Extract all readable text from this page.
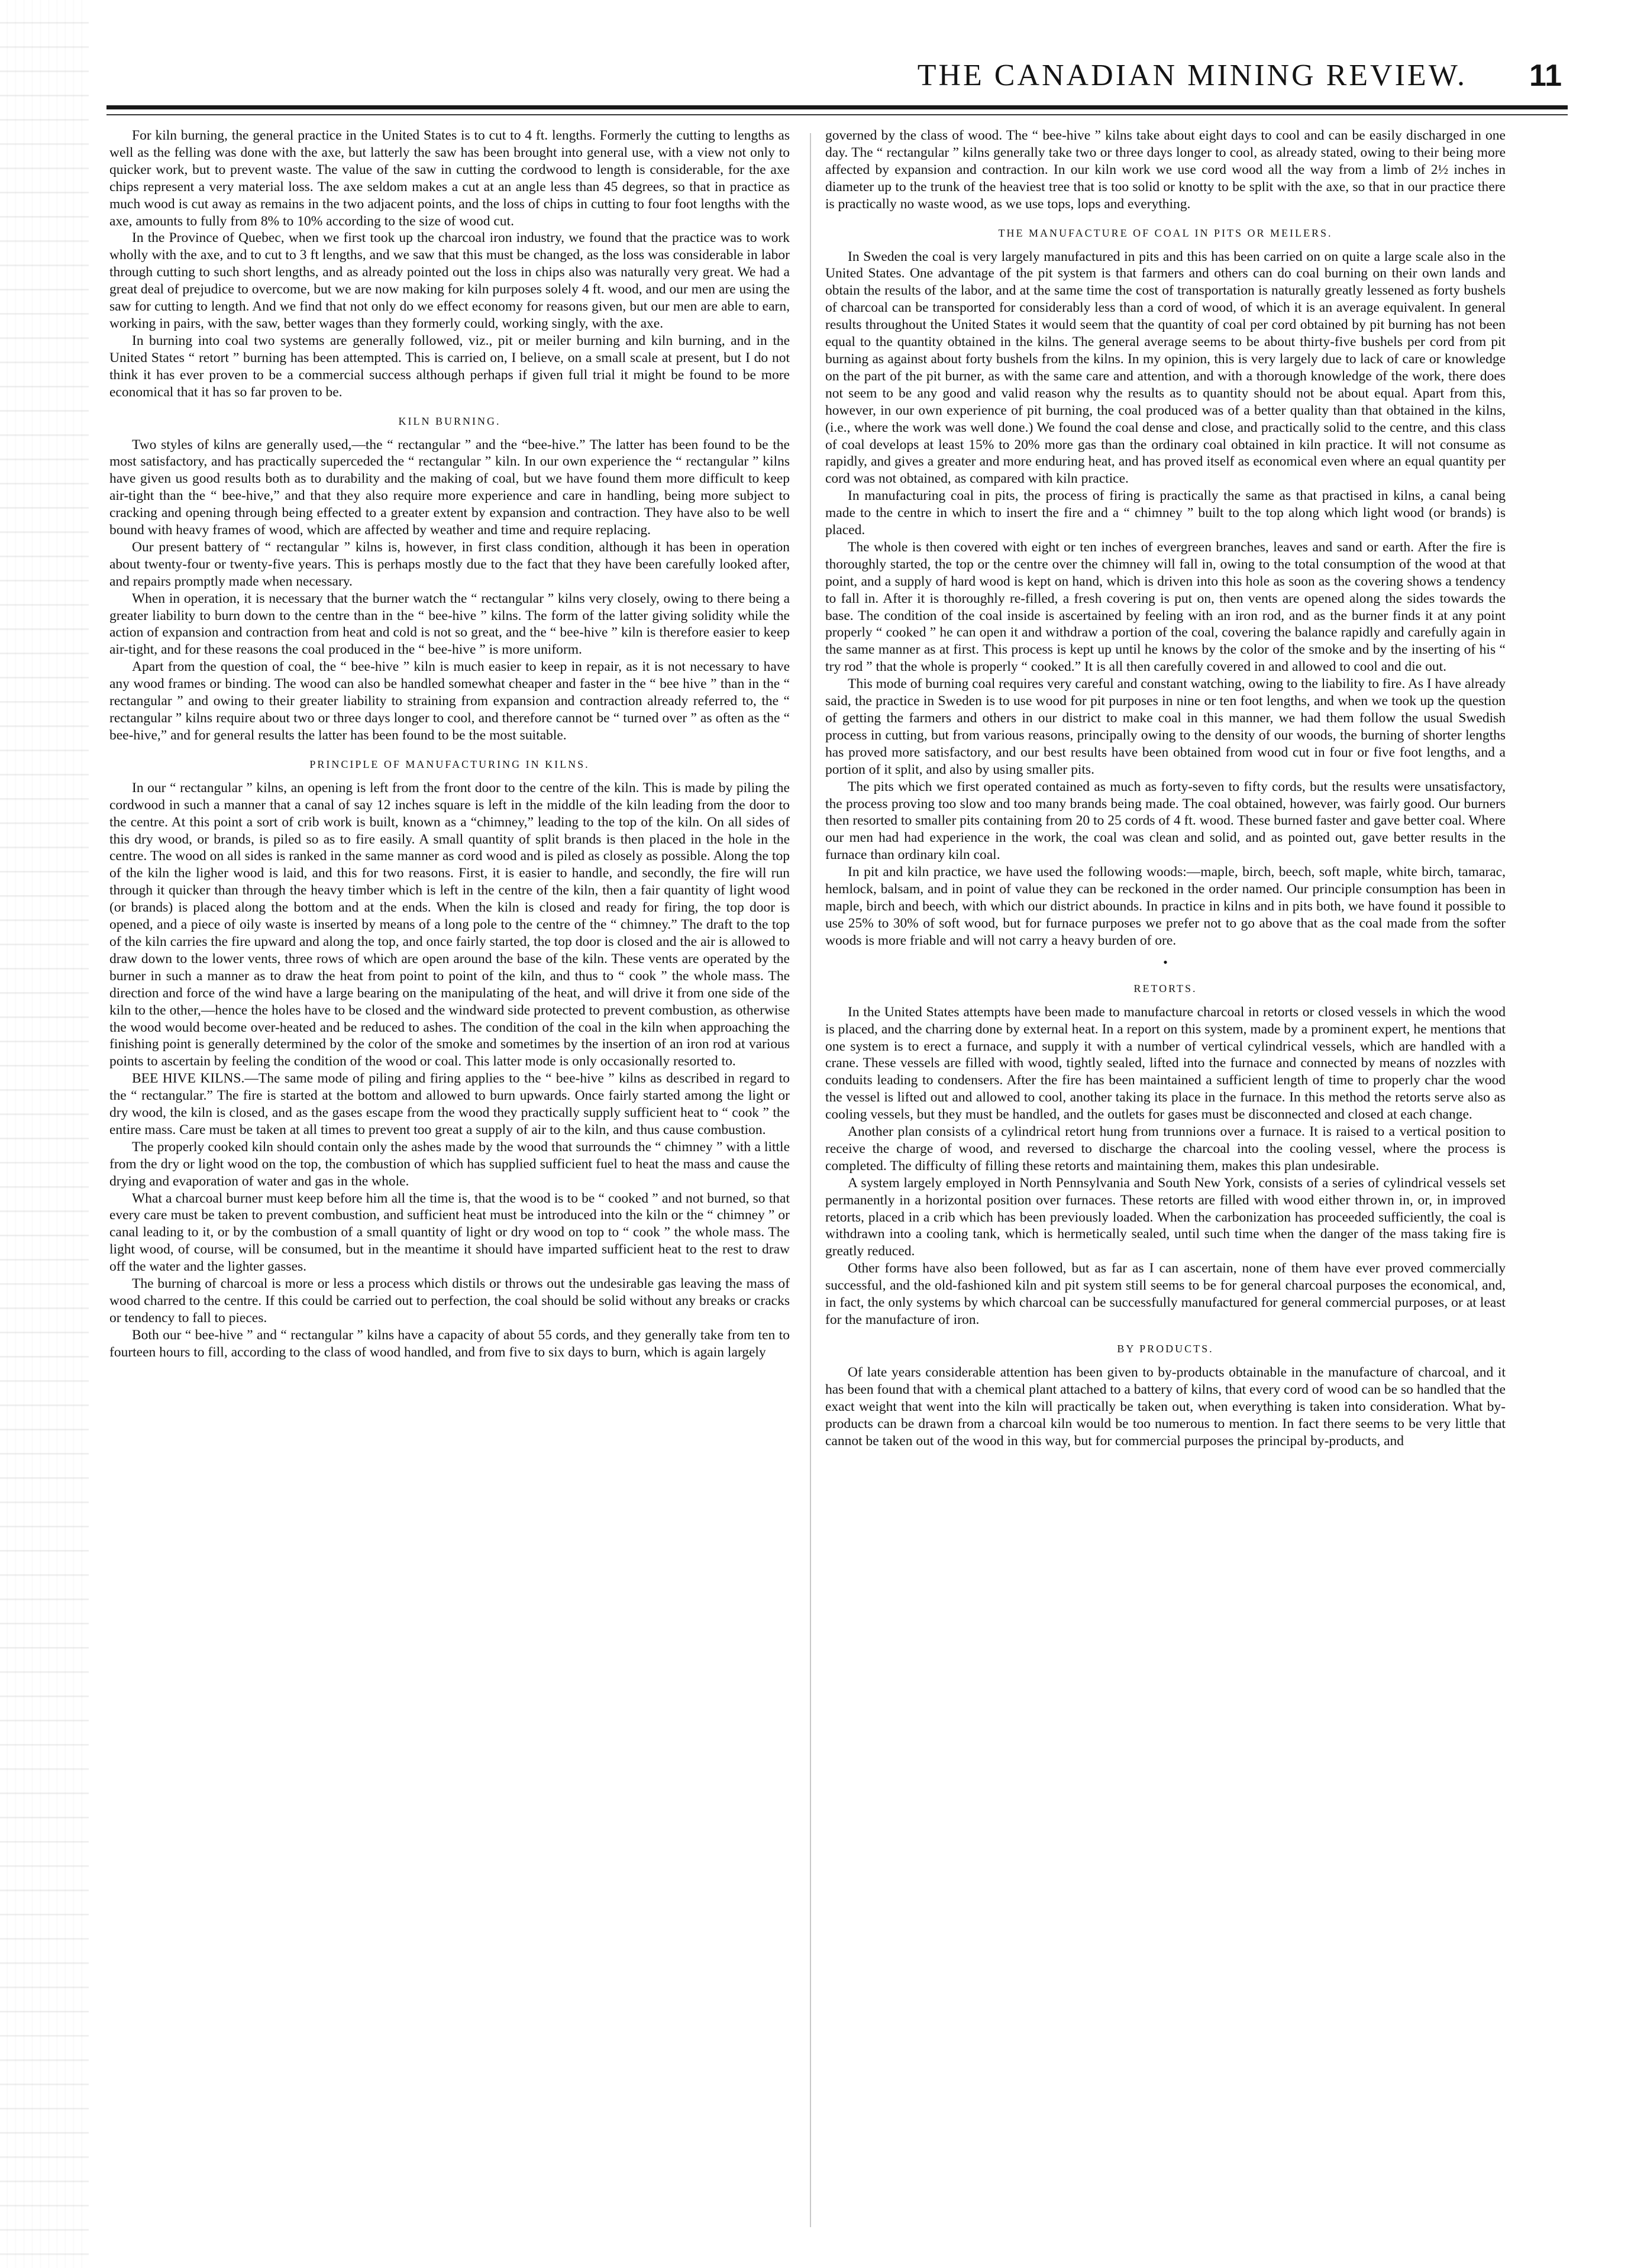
THE CANADIAN MINING REVIEW. 11

For kiln burning, the general practice in the United States is to cut to 4 ft. lengths. Formerly the cutting to lengths as well as the felling was done with the axe, but latterly the saw has been brought into general use, with a view not only to quicker work, but to prevent waste. The value of the saw in cutting the cordwood to length is considerable, for the axe chips represent a very material loss. The axe seldom makes a cut at an angle less than 45 degrees, so that in practice as much wood is cut away as remains in the two adjacent points, and the loss of chips in cutting to four foot lengths with the axe, amounts to fully from 8% to 10% according to the size of wood cut.

In the Province of Quebec, when we first took up the charcoal iron industry, we found that the practice was to work wholly with the axe, and to cut to 3 ft lengths, and we saw that this must be changed, as the loss was considerable in labor through cutting to such short lengths, and as already pointed out the loss in chips also was naturally very great. We had a great deal of prejudice to overcome, but we are now making for kiln purposes solely 4 ft. wood, and our men are using the saw for cutting to length. And we find that not only do we effect economy for reasons given, but our men are able to earn, working in pairs, with the saw, better wages than they formerly could, working singly, with the axe.

In burning into coal two systems are generally followed, viz., pit or meiler burning and kiln burning, and in the United States “ retort ” burning has been attempted. This is carried on, I believe, on a small scale at present, but I do not think it has ever proven to be a commercial success although perhaps if given full trial it might be found to be more economical that it has so far proven to be.

KILN BURNING.

Two styles of kilns are generally used,—the “ rectangular ” and the “bee-hive.” The latter has been found to be the most satisfactory, and has practically superceded the “ rectangular ” kiln. In our own experience the “ rectangular ” kilns have given us good results both as to durability and the making of coal, but we have found them more difficult to keep air-tight than the “ bee-hive,” and that they also require more experience and care in handling, being more subject to cracking and opening through being effected to a greater extent by expansion and contraction. They have also to be well bound with heavy frames of wood, which are affected by weather and time and require replacing.

Our present battery of “ rectangular ” kilns is, however, in first class condition, although it has been in operation about twenty-four or twenty-five years. This is perhaps mostly due to the fact that they have been carefully looked after, and repairs promptly made when necessary.

When in operation, it is necessary that the burner watch the “ rectangular ” kilns very closely, owing to there being a greater liability to burn down to the centre than in the “ bee-hive ” kilns. The form of the latter giving solidity while the action of expansion and contraction from heat and cold is not so great, and the “ bee-hive ” kiln is therefore easier to keep air-tight, and for these reasons the coal produced in the “ bee-hive ” is more uniform.

Apart from the question of coal, the “ bee-hive ” kiln is much easier to keep in repair, as it is not necessary to have any wood frames or binding. The wood can also be handled somewhat cheaper and faster in the “ bee hive ” than in the “ rectangular ” and owing to their greater liability to straining from expansion and contraction already referred to, the “ rectangular ” kilns require about two or three days longer to cool, and therefore cannot be “ turned over ” as often as the “ bee-hive,” and for general results the latter has been found to be the most suitable.

PRINCIPLE OF MANUFACTURING IN KILNS.

In our “ rectangular ” kilns, an opening is left from the front door to the centre of the kiln. This is made by piling the cordwood in such a manner that a canal of say 12 inches square is left in the middle of the kiln leading from the door to the centre. At this point a sort of crib work is built, known as a “chimney,” leading to the top of the kiln. On all sides of this dry wood, or brands, is piled so as to fire easily. A small quantity of split brands is then placed in the hole in the centre. The wood on all sides is ranked in the same manner as cord wood and is piled as closely as possible. Along the top of the kiln the ligher wood is laid, and this for two reasons. First, it is easier to handle, and secondly, the fire will run through it quicker than through the heavy timber which is left in the centre of the kiln, then a fair quantity of light wood (or brands) is placed along the bottom and at the ends. When the kiln is closed and ready for firing, the top door is opened, and a piece of oily waste is inserted by means of a long pole to the centre of the “ chimney.” The draft to the top of the kiln carries the fire upward and along the top, and once fairly started, the top door is closed and the air is allowed to draw down to the lower vents, three rows of which are open around the base of the kiln. These vents are operated by the burner in such a manner as to draw the heat from point to point of the kiln, and thus to “ cook ” the whole mass. The direction and force of the wind have a large bearing on the manipulating of the heat, and will drive it from one side of the kiln to the other,—hence the holes have to be closed and the windward side protected to prevent combustion, as otherwise the wood would become over-heated and be reduced to ashes. The condition of the coal in the kiln when approaching the finishing point is generally determined by the color of the smoke and sometimes by the insertion of an iron rod at various points to ascertain by feeling the condition of the wood or coal. This latter mode is only occasionally resorted to.

BEE HIVE KILNS.—The same mode of piling and firing applies to the “ bee-hive ” kilns as described in regard to the “ rectangular.” The fire is started at the bottom and allowed to burn upwards. Once fairly started among the light or dry wood, the kiln is closed, and as the gases escape from the wood they practically supply sufficient heat to “ cook ” the entire mass. Care must be taken at all times to prevent too great a supply of air to the kiln, and thus cause combustion.

The properly cooked kiln should contain only the ashes made by the wood that surrounds the “ chimney ” with a little from the dry or light wood on the top, the combustion of which has supplied sufficient fuel to heat the mass and cause the drying and evaporation of water and gas in the whole.

What a charcoal burner must keep before him all the time is, that the wood is to be “ cooked ” and not burned, so that every care must be taken to prevent combustion, and sufficient heat must be introduced into the kiln or the “ chimney ” or canal leading to it, or by the combustion of a small quantity of light or dry wood on top to “ cook ” the whole mass. The light wood, of course, will be consumed, but in the meantime it should have imparted sufficient heat to the rest to draw off the water and the lighter gasses.

The burning of charcoal is more or less a process which distils or throws out the undesirable gas leaving the mass of wood charred to the centre. If this could be carried out to perfection, the coal should be solid without any breaks or cracks or tendency to fall to pieces.

Both our “ bee-hive ” and “ rectangular ” kilns have a capacity of about 55 cords, and they generally take from ten to fourteen hours to fill, according to the class of wood handled, and from five to six days to burn, which is again largely

governed by the class of wood. The “ bee-hive ” kilns take about eight days to cool and can be easily discharged in one day. The “ rectangular ” kilns generally take two or three days longer to cool, as already stated, owing to their being more affected by expansion and contraction. In our kiln work we use cord wood all the way from a limb of 2½ inches in diameter up to the trunk of the heaviest tree that is too solid or knotty to be split with the axe, so that in our practice there is practically no waste wood, as we use tops, lops and everything.

THE MANUFACTURE OF COAL IN PITS OR MEILERS.

In Sweden the coal is very largely manufactured in pits and this has been carried on on quite a large scale also in the United States. One advantage of the pit system is that farmers and others can do coal burning on their own lands and obtain the results of the labor, and at the same time the cost of transportation is naturally greatly lessened as forty bushels of charcoal can be transported for considerably less than a cord of wood, of which it is an average equivalent. In general results throughout the United States it would seem that the quantity of coal per cord obtained by pit burning has not been equal to the quantity obtained in the kilns. The general average seems to be about thirty-five bushels per cord from pit burning as against about forty bushels from the kilns. In my opinion, this is very largely due to lack of care or knowledge on the part of the pit burner, as with the same care and attention, and with a thorough knowledge of the work, there does not seem to be any good and valid reason why the results as to quantity should not be about equal. Apart from this, however, in our own experience of pit burning, the coal produced was of a better quality than that obtained in the kilns, (i.e., where the work was well done.) We found the coal dense and close, and practically solid to the centre, and this class of coal develops at least 15% to 20% more gas than the ordinary coal obtained in kiln practice. It will not consume as rapidly, and gives a greater and more enduring heat, and has proved itself as economical even where an equal quantity per cord was not obtained, as compared with kiln practice.

In manufacturing coal in pits, the process of firing is practically the same as that practised in kilns, a canal being made to the centre in which to insert the fire and a “ chimney ” built to the top along which light wood (or brands) is placed.

The whole is then covered with eight or ten inches of evergreen branches, leaves and sand or earth. After the fire is thoroughly started, the top or the centre over the chimney will fall in, owing to the total consumption of the wood at that point, and a supply of hard wood is kept on hand, which is driven into this hole as soon as the covering shows a tendency to fall in. After it is thoroughly re-filled, a fresh covering is put on, then vents are opened along the sides towards the base. The condition of the coal inside is ascertained by feeling with an iron rod, and as the burner finds it at any point properly “ cooked ” he can open it and withdraw a portion of the coal, covering the balance rapidly and carefully again in the same manner as at first. This process is kept up until he knows by the color of the smoke and by the inserting of his “ try rod ” that the whole is properly “ cooked.” It is all then carefully covered in and allowed to cool and die out.

This mode of burning coal requires very careful and constant watching, owing to the liability to fire. As I have already said, the practice in Sweden is to use wood for pit purposes in nine or ten foot lengths, and when we took up the question of getting the farmers and others in our district to make coal in this manner, we had them follow the usual Swedish process in cutting, but from various reasons, principally owing to the density of our woods, the burning of shorter lengths has proved more satisfactory, and our best results have been obtained from wood cut in four or five foot lengths, and a portion of it split, and also by using smaller pits.

The pits which we first operated contained as much as forty-seven to fifty cords, but the results were unsatisfactory, the process proving too slow and too many brands being made. The coal obtained, however, was fairly good. Our burners then resorted to smaller pits containing from 20 to 25 cords of 4 ft. wood. These burned faster and gave better coal. Where our men had had experience in the work, the coal was clean and solid, and as pointed out, gave better results in the furnace than ordinary kiln coal.

In pit and kiln practice, we have used the following woods:—maple, birch, beech, soft maple, white birch, tamarac, hemlock, balsam, and in point of value they can be reckoned in the order named. Our principle consumption has been in maple, birch and beech, with which our district abounds. In practice in kilns and in pits both, we have found it possible to use 25% to 30% of soft wood, but for furnace purposes we prefer not to go above that as the coal made from the softer woods is more friable and will not carry a heavy burden of ore.

•
RETORTS.

In the United States attempts have been made to manufacture charcoal in retorts or closed vessels in which the wood is placed, and the charring done by external heat. In a report on this system, made by a prominent expert, he mentions that one system is to erect a furnace, and supply it with a number of vertical cylindrical vessels, which are handled with a crane. These vessels are filled with wood, tightly sealed, lifted into the furnace and connected by means of nozzles with conduits leading to condensers. After the fire has been maintained a sufficient length of time to properly char the wood the vessel is lifted out and allowed to cool, another taking its place in the furnace. In this method the retorts serve also as cooling vessels, but they must be handled, and the outlets for gases must be disconnected and closed at each change.

Another plan consists of a cylindrical retort hung from trunnions over a furnace. It is raised to a vertical position to receive the charge of wood, and reversed to discharge the charcoal into the cooling vessel, where the process is completed. The difficulty of filling these retorts and maintaining them, makes this plan undesirable.

A system largely employed in North Pennsylvania and South New York, consists of a series of cylindrical vessels set permanently in a horizontal position over furnaces. These retorts are filled with wood either thrown in, or, in improved retorts, placed in a crib which has been previously loaded. When the carbonization has proceeded sufficiently, the coal is withdrawn into a cooling tank, which is hermetically sealed, until such time when the danger of the mass taking fire is greatly reduced.

Other forms have also been followed, but as far as I can ascertain, none of them have ever proved commercially successful, and the old-fashioned kiln and pit system still seems to be for general charcoal purposes the economical, and, in fact, the only systems by which charcoal can be successfully manufactured for general commercial purposes, or at least for the manufacture of iron.

BY PRODUCTS.

Of late years considerable attention has been given to by-products obtainable in the manufacture of charcoal, and it has been found that with a chemical plant attached to a battery of kilns, that every cord of wood can be so handled that the exact weight that went into the kiln will practically be taken out, when everything is taken into consideration. What by-products can be drawn from a charcoal kiln would be too numerous to mention. In fact there seems to be very little that cannot be taken out of the wood in this way, but for commercial purposes the principal by-products, and
